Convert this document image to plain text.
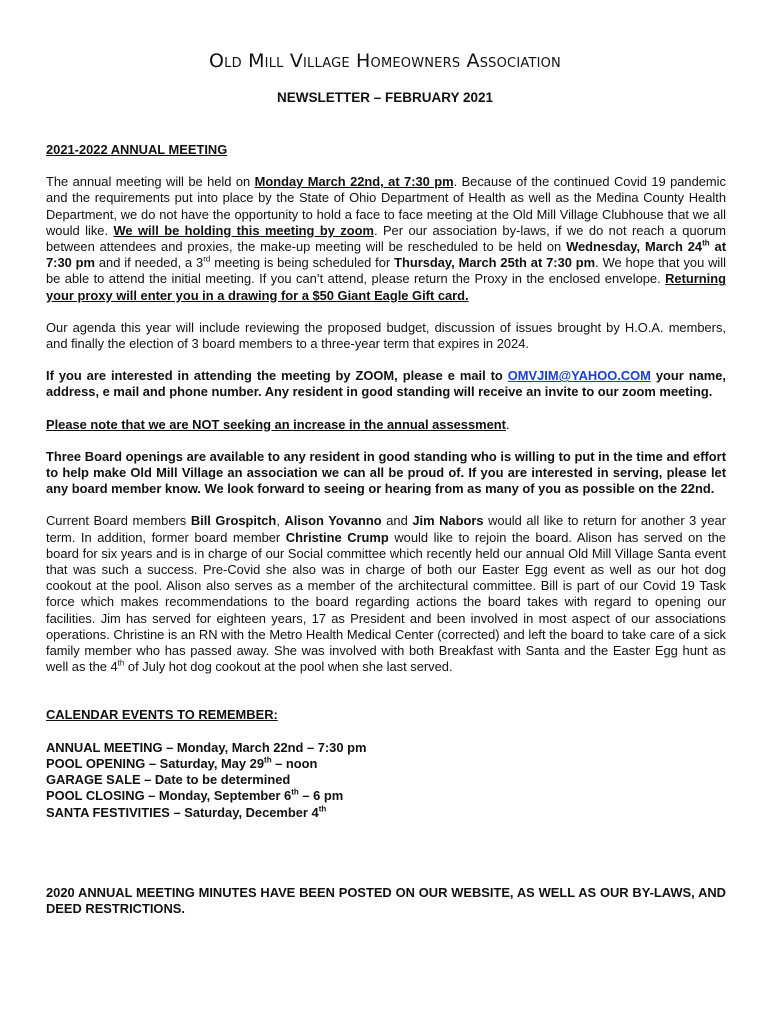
Old Mill Village Homeowners Association
NEWSLETTER – FEBRUARY 2021
2021-2022 ANNUAL MEETING

The annual meeting will be held on Monday March 22nd, at 7:30 pm. Because of the continued Covid 19 pandemic and the requirements put into place by the State of Ohio Department of Health as well as the Medina County Health Department, we do not have the opportunity to hold a face to face meeting at the Old Mill Village Clubhouse that we all would like. We will be holding this meeting by zoom. Per our association by-laws, if we do not reach a quorum between attendees and proxies, the make-up meeting will be rescheduled to be held on Wednesday, March 24th at 7:30 pm and if needed, a 3rd meeting is being scheduled for Thursday, March 25th at 7:30 pm. We hope that you will be able to attend the initial meeting. If you can’t attend, please return the Proxy in the enclosed envelope. Returning your proxy will enter you in a drawing for a $50 Giant Eagle Gift card.

Our agenda this year will include reviewing the proposed budget, discussion of issues brought by H.O.A. members, and finally the election of 3 board members to a three-year term that expires in 2024.

If you are interested in attending the meeting by ZOOM, please e mail to OMVJIM@YAHOO.COM your name, address, e mail and phone number. Any resident in good standing will receive an invite to our zoom meeting.

Please note that we are NOT seeking an increase in the annual assessment.

Three Board openings are available to any resident in good standing who is willing to put in the time and effort to help make Old Mill Village an association we can all be proud of. If you are interested in serving, please let any board member know. We look forward to seeing or hearing from as many of you as possible on the 22nd.

Current Board members Bill Grospitch, Alison Yovanno and Jim Nabors would all like to return for another 3 year term. In addition, former board member Christine Crump would like to rejoin the board. Alison has served on the board for six years and is in charge of our Social committee which recently held our annual Old Mill Village Santa event that was such a success. Pre-Covid she also was in charge of both our Easter Egg event as well as our hot dog cookout at the pool. Alison also serves as a member of the architectural committee. Bill is part of our Covid 19 Task force which makes recommendations to the board regarding actions the board takes with regard to opening our facilities. Jim has served for eighteen years, 17 as President and been involved in most aspect of our associations operations. Christine is an RN with the Metro Health Medical Center (corrected) and left the board to take care of a sick family member who has passed away. She was involved with both Breakfast with Santa and the Easter Egg hunt as well as the 4th of July hot dog cookout at the pool when she last served.

CALENDAR EVENTS TO REMEMBER:
ANNUAL MEETING – Monday, March 22nd – 7:30 pm
POOL OPENING – Saturday, May 29th – noon
GARAGE SALE – Date to be determined
POOL CLOSING – Monday, September 6th – 6 pm
SANTA FESTIVITIES – Saturday, December 4th

2020 ANNUAL MEETING MINUTES HAVE BEEN POSTED ON OUR WEBSITE, AS WELL AS OUR BY-LAWS, AND DEED RESTRICTIONS.
